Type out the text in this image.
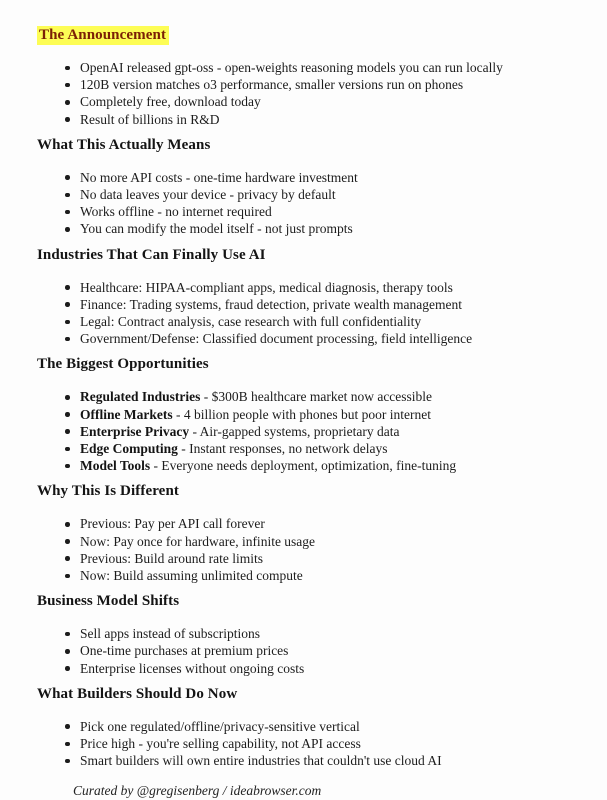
The Announcement
OpenAI released gpt-oss - open-weights reasoning models you can run locally
120B version matches o3 performance, smaller versions run on phones
Completely free, download today
Result of billions in R&D
What This Actually Means
No more API costs - one-time hardware investment
No data leaves your device - privacy by default
Works offline - no internet required
You can modify the model itself - not just prompts
Industries That Can Finally Use AI
Healthcare: HIPAA-compliant apps, medical diagnosis, therapy tools
Finance: Trading systems, fraud detection, private wealth management
Legal: Contract analysis, case research with full confidentiality
Government/Defense: Classified document processing, field intelligence
The Biggest Opportunities
Regulated Industries - $300B healthcare market now accessible
Offline Markets - 4 billion people with phones but poor internet
Enterprise Privacy - Air-gapped systems, proprietary data
Edge Computing - Instant responses, no network delays
Model Tools - Everyone needs deployment, optimization, fine-tuning
Why This Is Different
Previous: Pay per API call forever
Now: Pay once for hardware, infinite usage
Previous: Build around rate limits
Now: Build assuming unlimited compute
Business Model Shifts
Sell apps instead of subscriptions
One-time purchases at premium prices
Enterprise licenses without ongoing costs
What Builders Should Do Now
Pick one regulated/offline/privacy-sensitive vertical
Price high - you're selling capability, not API access
Smart builders will own entire industries that couldn't use cloud AI

Curated by @gregisenberg / ideabrowser.com
